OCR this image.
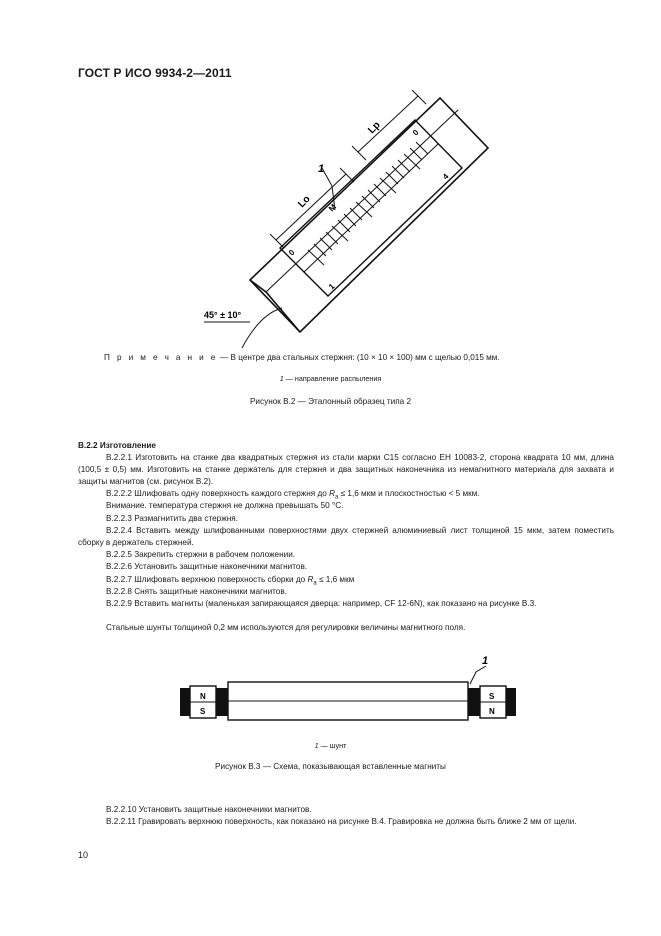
ГОСТ Р ИСО 9934-2—2011
Lo
Lp
1
45° ± 10°
0
0
4
M
1
П р и м е ч а н и е — В центре два стальных стержня: (10 × 10 × 100) мм с щелью 0,015 мм.
1 — направление распыления
Рисунок В.2 — Эталонный образец типа 2
В.2.2 Изготовление
В.2.2.1 Изготовить на станке два квадратных стержня из стали марки С15 согласно ЕН 10083-2, сторона квадрата 10 мм, длина (100,5 ± 0,5) мм. Изготовить на станке держатель для стержня и два защитных наконечника из немагнитного материала для захвата и защиты магнитов (см. рисунок В.2).
В.2.2.2 Шлифовать одну поверхность каждого стержня до $R_a \le 1,6$ мкм и плоскостностью < 5 мкм.
Внимание. температура стержня не должна превышать 50 °С.
В.2.2.3 Размагнитить два стержня.
В.2.2.4 Вставить между шлифованными поверхностями двух стержней алюминиевый лист толщиной 15 мкм, затем поместить сборку в держатель стержней.
В.2.2.5 Закрепить стержни в рабочем положении.
В.2.2.6 Установить защитные наконечники магнитов.
В.2.2.7 Шлифовать верхнюю поверхность сборки до $R_a \le 1,6$ мкм
В.2.2.8 Снять защитные наконечники магнитов.
В.2.2.9 Вставить магниты (маленькая запирающаяся дверца: например, CF 12-6N), как показано на рисунке В.3.
Стальные шунты толщиной 0,2 мм используются для регулировки величины магнитного поля.
1
N
S
S
N
1 — шунт
Рисунок В.3 — Схема, показывающая вставленные магниты
В.2.2.10 Установить защитные наконечники магнитов.
В.2.2.11 Гравировать верхнюю поверхность, как показано на рисунке В.4. Гравировка не должна быть ближе 2 мм от щели.
10
